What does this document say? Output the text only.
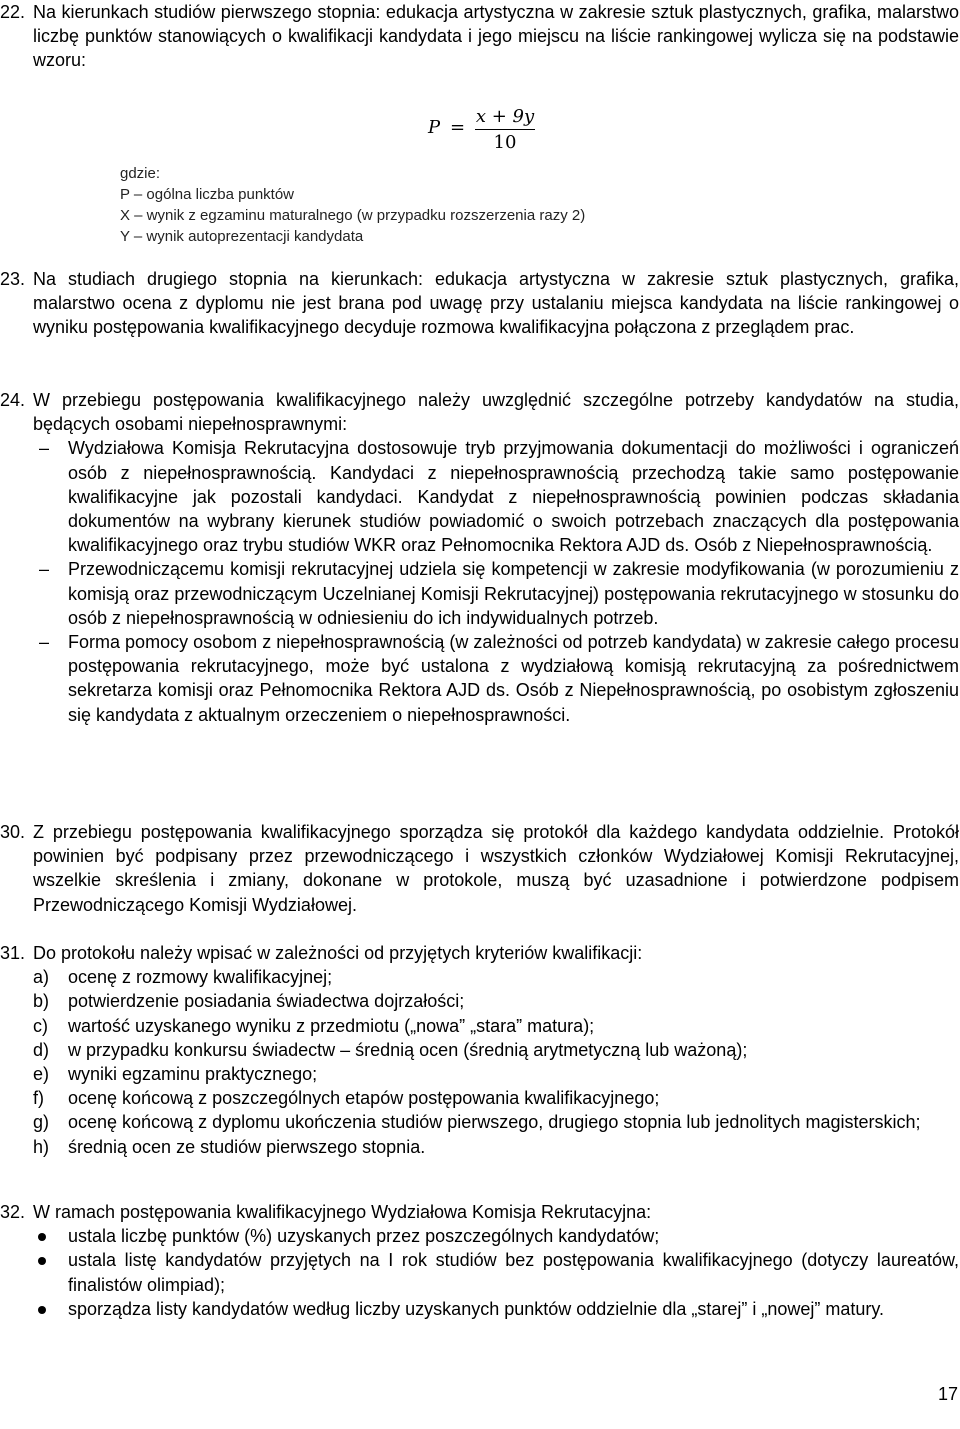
22. Na kierunkach studiów pierwszego stopnia: edukacja artystyczna w zakresie sztuk plastycznych, grafika, malarstwo liczbę punktów stanowiących o kwalifikacji kandydata i jego miejscu na liście rankingowej wylicza się na podstawie wzoru:

P =
x + 9y
10
gdzie:
P – ogólna liczba punktów
X – wynik z egzaminu maturalnego (w przypadku rozszerzenia razy 2)
Y – wynik autoprezentacji kandydata
23. Na studiach drugiego stopnia na kierunkach: edukacja artystyczna w zakresie sztuk plastycznych, grafika, malarstwo ocena z dyplomu nie jest brana pod uwagę przy ustalaniu miejsca kandydata na liście rankingowej o wyniku postępowania kwalifikacyjnego decyduje rozmowa kwalifikacyjna połączona z przeglądem prac.

24. W przebiegu postępowania kwalifikacyjnego należy uwzględnić szczególne potrzeby kandydatów na studia, będących osobami niepełnosprawnymi:

– Wydziałowa Komisja Rekrutacyjna dostosowuje tryb przyjmowania dokumentacji do możliwości i ograniczeń osób z niepełnosprawnością. Kandydaci z niepełnosprawnością przechodzą takie samo postępowanie kwalifikacyjne jak pozostali kandydaci. Kandydat z niepełnosprawnością powinien podczas składania dokumentów na wybrany kierunek studiów powiadomić o swoich potrzebach znaczących dla postępowania kwalifikacyjnego oraz trybu studiów WKR oraz Pełnomocnika Rektora AJD ds. Osób z Niepełnosprawnością.
– Przewodniczącemu komisji rekrutacyjnej udziela się kompetencji w zakresie modyfikowania (w porozumieniu z komisją oraz przewodniczącym Uczelnianej Komisji Rekrutacyjnej) postępowania rekrutacyjnego w stosunku do osób z niepełnosprawnością w odniesieniu do ich indywidualnych potrzeb.
– Forma pomocy osobom z niepełnosprawnością (w zależności od potrzeb kandydata) w zakresie całego procesu postępowania rekrutacyjnego, może być ustalona z wydziałową komisją rekrutacyjną za pośrednictwem sekretarza komisji oraz Pełnomocnika Rektora AJD ds. Osób z Niepełnosprawnością, po osobistym zgłoszeniu się kandydata z aktualnym orzeczeniem o niepełnosprawności.
30. Z przebiegu postępowania kwalifikacyjnego sporządza się protokół dla każdego kandydata oddzielnie. Protokół powinien być podpisany przez przewodniczącego i wszystkich członków Wydziałowej Komisji Rekrutacyjnej, wszelkie skreślenia i zmiany, dokonane w protokole, muszą być uzasadnione i potwierdzone podpisem Przewodniczącego Komisji Wydziałowej.

31. Do protokołu należy wpisać w zależności od przyjętych kryteriów kwalifikacji:

a) ocenę z rozmowy kwalifikacyjnej;
b) potwierdzenie posiadania świadectwa dojrzałości;
c) wartość uzyskanego wyniku z przedmiotu („nowa” „stara” matura);
d) w przypadku konkursu świadectw – średnią ocen (średnią arytmetyczną lub ważoną);
e) wyniki egzaminu praktycznego;
f) ocenę końcową z poszczególnych etapów postępowania kwalifikacyjnego;
g) ocenę końcową z dyplomu ukończenia studiów pierwszego, drugiego stopnia lub jednolitych magisterskich;
h) średnią ocen ze studiów pierwszego stopnia.
32. W ramach postępowania kwalifikacyjnego Wydziałowa Komisja Rekrutacyjna:

ustala liczbę punktów (%) uzyskanych przez poszczególnych kandydatów;
ustala listę kandydatów przyjętych na I rok studiów bez postępowania kwalifikacyjnego (dotyczy laureatów, finalistów olimpiad);
sporządza listy kandydatów według liczby uzyskanych punktów oddzielnie dla „starej” i „nowej” matury.
17
